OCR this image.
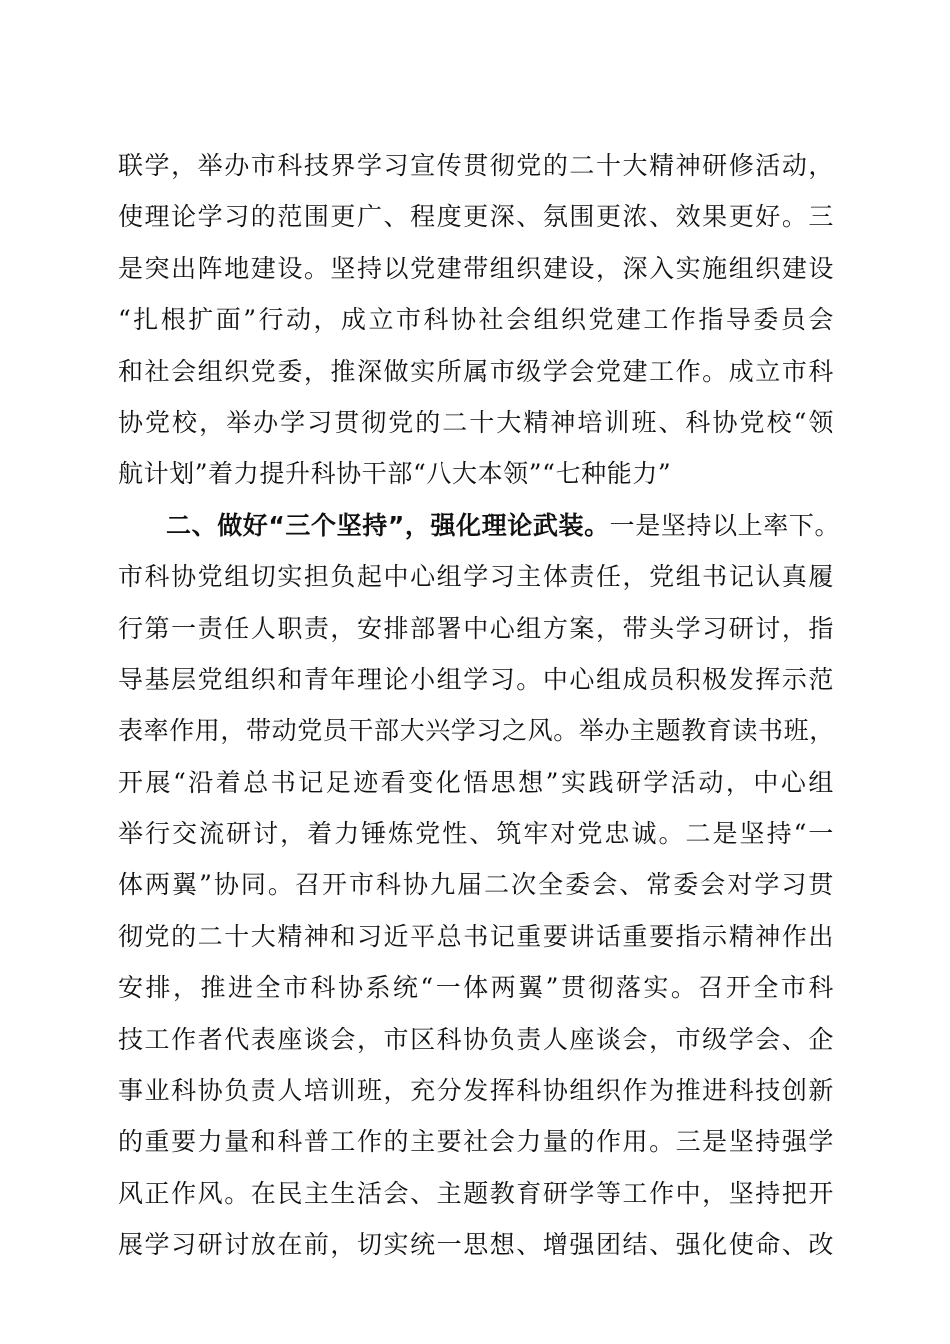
联学，举办市科技界学习宣传贯彻党的二十大精神研修活动，
使理论学习的范围更广、程度更深、氛围更浓、效果更好。三
是突出阵地建设。坚持以党建带组织建设，深入实施组织建设
“扎根扩面”行动，成立市科协社会组织党建工作指导委员会
和社会组织党委，推深做实所属市级学会党建工作。成立市科
协党校，举办学习贯彻党的二十大精神培训班、科协党校“领
航计划”着力提升科协干部“八大本领”“七种能力”
二、做好“三个坚持”，强化理论武装。一是坚持以上率下。
市科协党组切实担负起中心组学习主体责任，党组书记认真履
行第一责任人职责，安排部署中心组方案，带头学习研讨，指
导基层党组织和青年理论小组学习。中心组成员积极发挥示范
表率作用，带动党员干部大兴学习之风。举办主题教育读书班，
开展“沿着总书记足迹看变化悟思想”实践研学活动，中心组
举行交流研讨，着力锤炼党性、筑牢对党忠诚。二是坚持“一
体两翼”协同。召开市科协九届二次全委会、常委会对学习贯
彻党的二十大精神和习近平总书记重要讲话重要指示精神作出
安排，推进全市科协系统“一体两翼”贯彻落实。召开全市科
技工作者代表座谈会，市区科协负责人座谈会，市级学会、企
事业科协负责人培训班，充分发挥科协组织作为推进科技创新
的重要力量和科普工作的主要社会力量的作用。三是坚持强学
风正作风。在民主生活会、主题教育研学等工作中，坚持把开
展学习研讨放在前，切实统一思想、增强团结、强化使命、改
